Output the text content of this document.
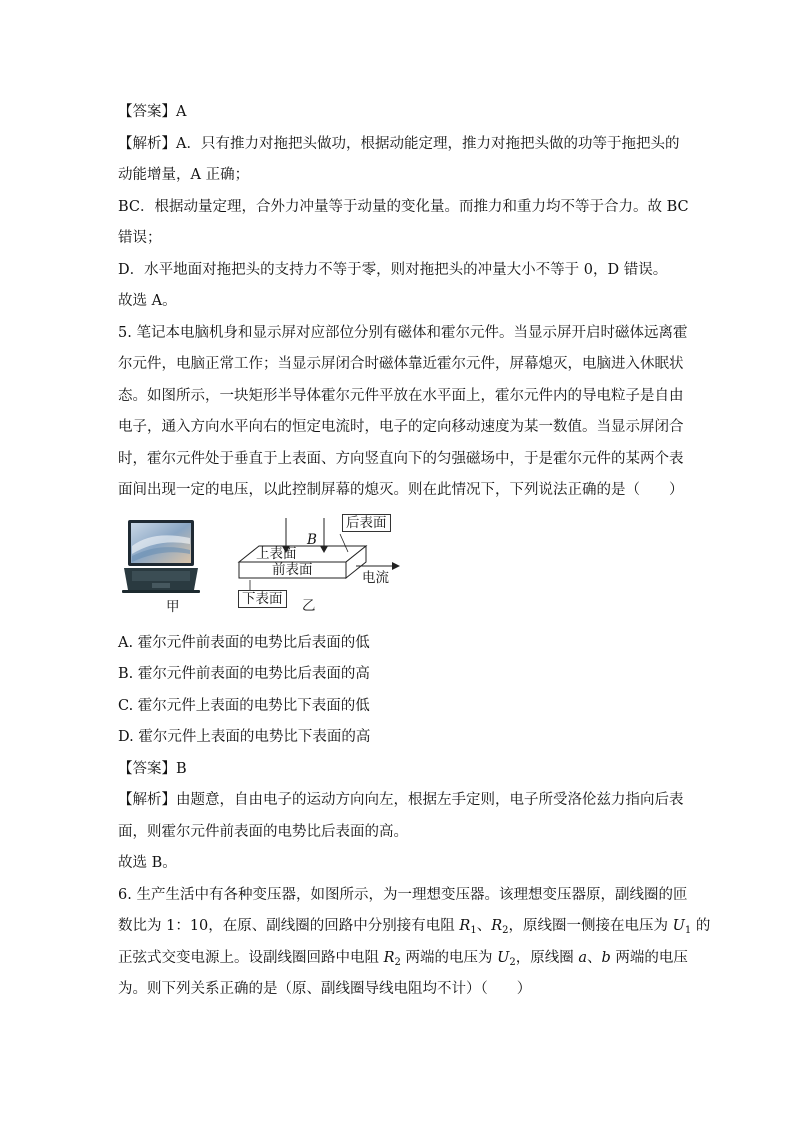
【答案】A
【解析】A．只有推力对拖把头做功，根据动能定理，推力对拖把头做的功等于拖把头的
动能增量，A 正确；
BC．根据动量定理，合外力冲量等于动量的变化量。而推力和重力均不等于合力。故 BC
错误；
D．水平地面对拖把头的支持力不等于零，则对拖把头的冲量大小不等于 0，D 错误。
故选 A。
5. 笔记本电脑机身和显示屏对应部位分别有磁体和霍尔元件。当显示屏开启时磁体远离霍
尔元件，电脑正常工作；当显示屏闭合时磁体靠近霍尔元件，屏幕熄灭，电脑进入休眠状
态。如图所示，一块矩形半导体霍尔元件平放在水平面上，霍尔元件内的导电粒子是自由
电子，通入方向水平向右的恒定电流时，电子的定向移动速度为某一数值。当显示屏闭合
时，霍尔元件处于垂直于上表面、方向竖直向下的匀强磁场中，于是霍尔元件的某两个表
面间出现一定的电压，以此控制屏幕的熄灭。则在此情况下，下列说法正确的是（　　）
甲
B
后表面
上表面
前表面	电流
下表面 乙
A. 霍尔元件前表面的电势比后表面的低
B. 霍尔元件前表面的电势比后表面的高
C. 霍尔元件上表面的电势比下表面的低
D. 霍尔元件上表面的电势比下表面的高
【答案】B
【解析】由题意，自由电子的运动方向向左，根据左手定则，电子所受洛伦兹力指向后表
面，则霍尔元件前表面的电势比后表面的高。
故选 B。
6. 生产生活中有各种变压器，如图所示，为一理想变压器。该理想变压器原，副线圈的匝
数比为 1：10，在原、副线圈的回路中分别接有电阻 $R_1$、$R_2$，原线圈一侧接在电压为 $U_1$ 的
正弦式交变电源上。设副线圈回路中电阻 $R_2$ 两端的电压为 $U_2$，原线圈 a、b 两端的电压
为。则下列关系正确的是（原、副线圈导线电阻均不计）（　　）
